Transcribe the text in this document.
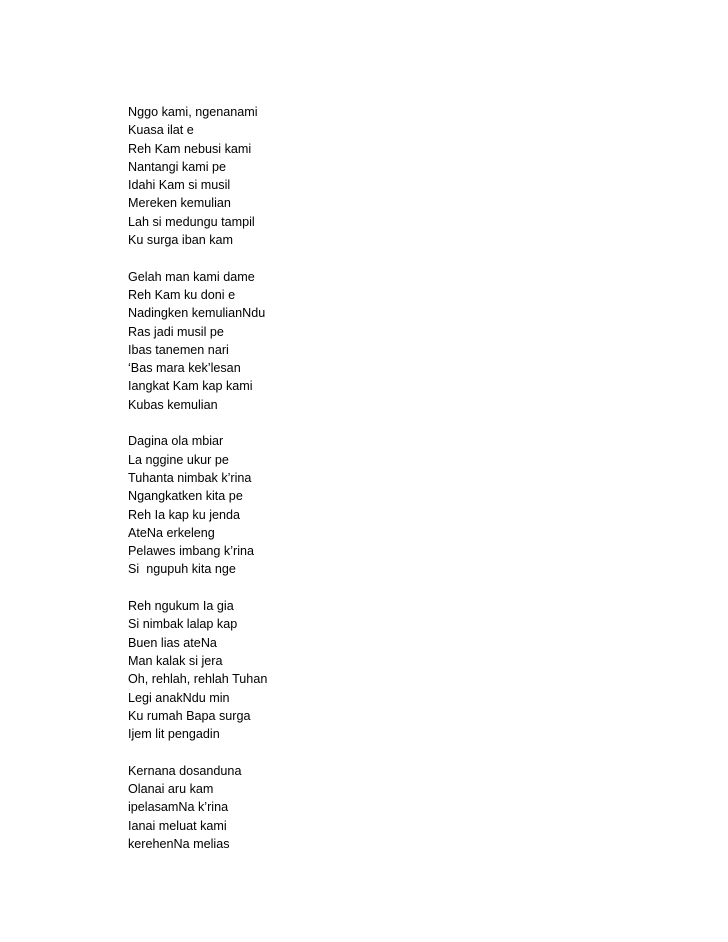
Nggo kami, ngenanami
Kuasa ilat e
Reh Kam nebusi kami
Nantangi kami pe
Idahi Kam si musil
Mereken kemulian
Lah si medungu tampil
Ku surga iban kam
Gelah man kami dame
Reh Kam ku doni e
Nadingken kemulianNdu
Ras jadi musil pe
Ibas tanemen nari
‘Bas mara kek’lesan
Iangkat Kam kap kami
Kubas kemulian
Dagina ola mbiar
La nggine ukur pe
Tuhanta nimbak k’rina
Ngangkatken kita pe
Reh Ia kap ku jenda
AteNa erkeleng
Pelawes imbang k’rina
Si  ngupuh kita nge
Reh ngukum Ia gia
Si nimbak lalap kap
Buen lias ateNa
Man kalak si jera
Oh, rehlah, rehlah Tuhan
Legi anakNdu min
Ku rumah Bapa surga
Ijem lit pengadin
Kernana dosanduna
Olanai aru kam
ipelasamNa k’rina
Ianai meluat kami
kerehenNa melias
